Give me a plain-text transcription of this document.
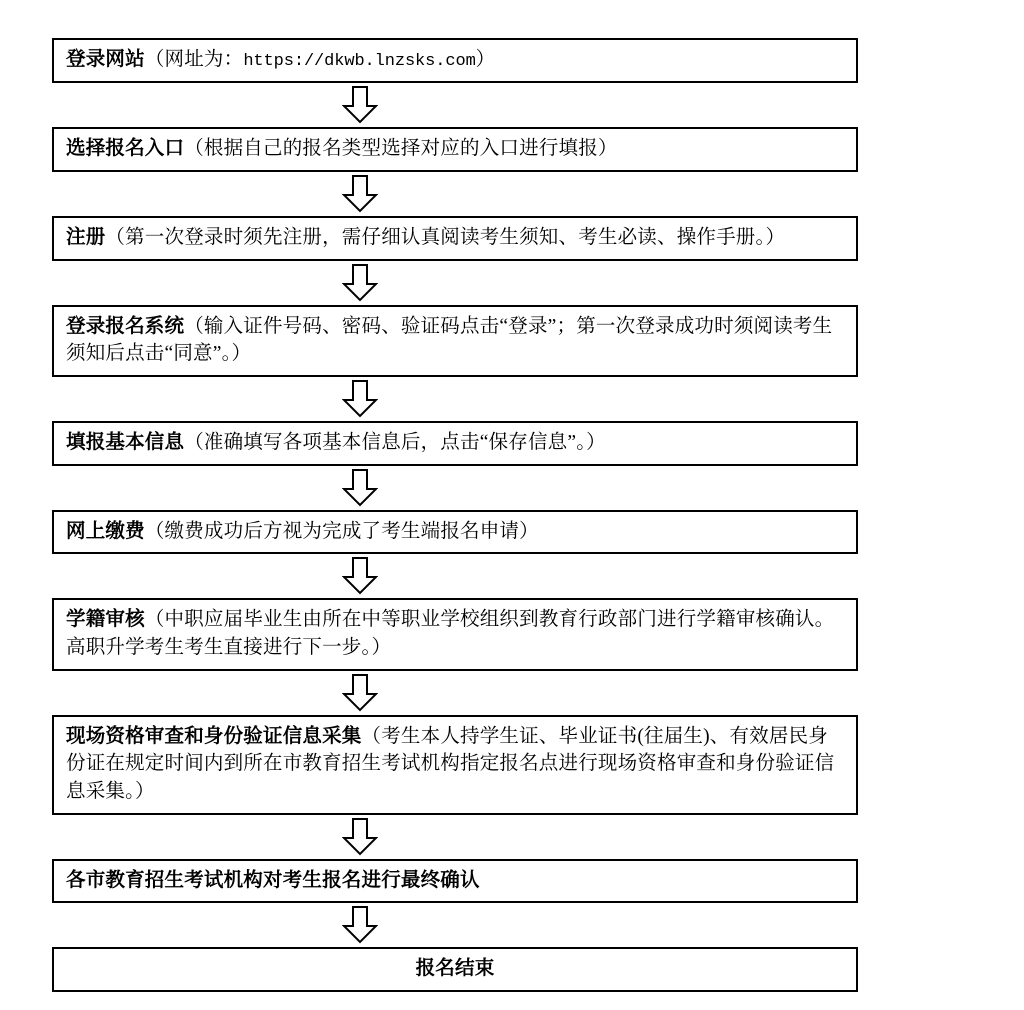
登录网站（网址为：https://dkwb.lnzsks.com）
选择报名入口（根据自己的报名类型选择对应的入口进行填报）
注册（第一次登录时须先注册，需仔细认真阅读考生须知、考生必读、操作手册。）
登录报名系统（输入证件号码、密码、验证码点击“登录”；第一次登录成功时须阅读考生须知后点击“同意”。）
填报基本信息（准确填写各项基本信息后，点击“保存信息”。）
网上缴费（缴费成功后方视为完成了考生端报名申请）
学籍审核（中职应届毕业生由所在中等职业学校组织到教育行政部门进行学籍审核确认。高职升学考生考生直接进行下一步。）
现场资格审查和身份验证信息采集（考生本人持学生证、毕业证书(往届生)、有效居民身份证在规定时间内到所在市教育招生考试机构指定报名点进行现场资格审查和身份验证信息采集。）
各市教育招生考试机构对考生报名进行最终确认
报名结束
